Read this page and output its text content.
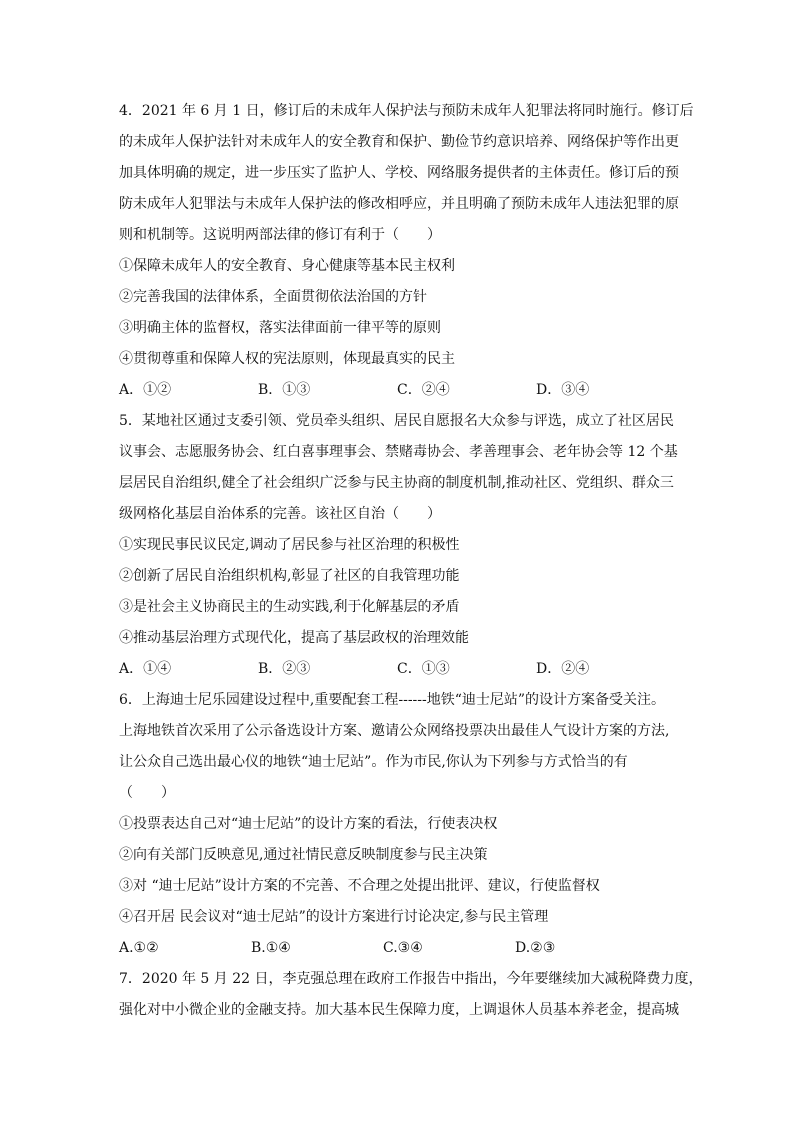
4．2021 年 6 月 1 日，修订后的未成年人保护法与预防未成年人犯罪法将同时施行。修订后

的未成年人保护法针对未成年人的安全教育和保护、勤俭节约意识培养、网络保护等作出更

加具体明确的规定，进一步压实了监护人、学校、网络服务提供者的主体责任。修订后的预

防未成年人犯罪法与未成年人保护法的修改相呼应，并且明确了预防未成年人违法犯罪的原

则和机制等。这说明两部法律的修订有利于（　　）

①保障未成年人的安全教育、身心健康等基本民主权利

②完善我国的法律体系，全面贯彻依法治国的方针

③明确主体的监督权，落实法律面前一律平等的原则

④贯彻尊重和保障人权的宪法原则，体现最真实的民主

A．①②	B．①③	C．②④	D．③④

5．某地社区通过支委引领、党员牵头组织、居民自愿报名大众参与评选，成立了社区居民

议事会、志愿服务协会、红白喜事理事会、禁赌毒协会、孝善理事会、老年协会等 12 个基

层居民自治组织,健全了社会组织广泛参与民主协商的制度机制,推动社区、党组织、群众三

级网格化基层自治体系的完善。该社区自治（　　）

①实现民事民议民定,调动了居民参与社区治理的积极性

②创新了居民自治组织机构,彰显了社区的自我管理功能

③是社会主义协商民主的生动实践,利于化解基层的矛盾

④推动基层治理方式现代化，提高了基层政权的治理效能

A．①④	B．②③	C．①③	D．②④

6．上海迪士尼乐园建设过程中,重要配套工程------地铁“迪士尼站”的设计方案备受关注。

上海地铁首次采用了公示备选设计方案、邀请公众网络投票决出最佳人气设计方案的方法,

让公众自己选出最心仪的地铁“迪士尼站”。作为市民,你认为下列参与方式恰当的有

（　　）

①投票表达自己对“迪士尼站”的设计方案的看法，行使表决权

②向有关部门反映意见,通过社情民意反映制度参与民主决策

③对 “迪士尼站”设计方案的不完善、不合理之处提出批评、建议，行使监督权

④召开居 民会议对“迪士尼站”的设计方案进行讨论决定,参与民主管理

A.①②	B.①④	C.③④	D.②③

7．2020 年 5 月 22 日，李克强总理在政府工作报告中指出，今年要继续加大减税降费力度，

强化对中小微企业的金融支持。加大基本民生保障力度，上调退休人员基本养老金，提高城
